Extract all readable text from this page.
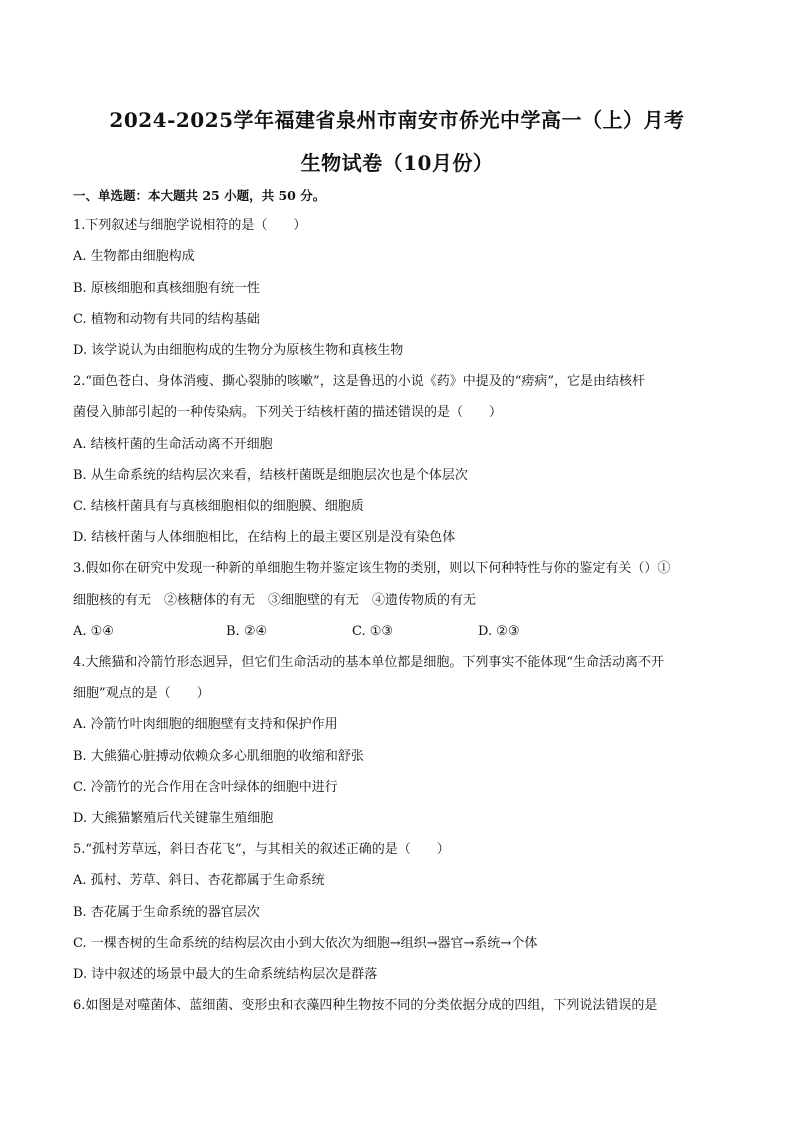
2024-2025学年福建省泉州市南安市侨光中学高一（上）月考
生物试卷（10月份）
一、单选题：本大题共 25 小题，共 50 分。
1.下列叙述与细胞学说相符的是（　　）
A. 生物都由细胞构成
B. 原核细胞和真核细胞有统一性
C. 植物和动物有共同的结构基础
D. 该学说认为由细胞构成的生物分为原核生物和真核生物
2.“面色苍白、身体消瘦、撕心裂肺的咳嗽”，这是鲁迅的小说《药》中提及的“痨病”，它是由结核杆
菌侵入肺部引起的一种传染病。下列关于结核杆菌的描述错误的是（　　）
A. 结核杆菌的生命活动离不开细胞
B. 从生命系统的结构层次来看，结核杆菌既是细胞层次也是个体层次
C. 结核杆菌具有与真核细胞相似的细胞膜、细胞质
D. 结核杆菌与人体细胞相比，在结构上的最主要区别是没有染色体
3.假如你在研究中发现一种新的单细胞生物并鉴定该生物的类别，则以下何种特性与你的鉴定有关（）①
细胞核的有无　②核糖体的有无　③细胞壁的有无　④遗传物质的有无
A. ①④	B. ②④	C. ①③	D. ②③
4.大熊猫和冷箭竹形态迥异，但它们生命活动的基本单位都是细胞。下列事实不能体现“生命活动离不开
细胞”观点的是（　　）
A. 冷箭竹叶肉细胞的细胞壁有支持和保护作用
B. 大熊猫心脏搏动依赖众多心肌细胞的收缩和舒张
C. 冷箭竹的光合作用在含叶绿体的细胞中进行
D. 大熊猫繁殖后代关键靠生殖细胞
5.“孤村芳草远，斜日杏花飞”，与其相关的叙述正确的是（　　）
A. 孤村、芳草、斜日、杏花都属于生命系统
B. 杏花属于生命系统的器官层次
C. 一棵杏树的生命系统的结构层次由小到大依次为细胞→组织→器官→系统→个体
D. 诗中叙述的场景中最大的生命系统结构层次是群落
6.如图是对噬菌体、蓝细菌、变形虫和衣藻四种生物按不同的分类依据分成的四组，下列说法错误的是
